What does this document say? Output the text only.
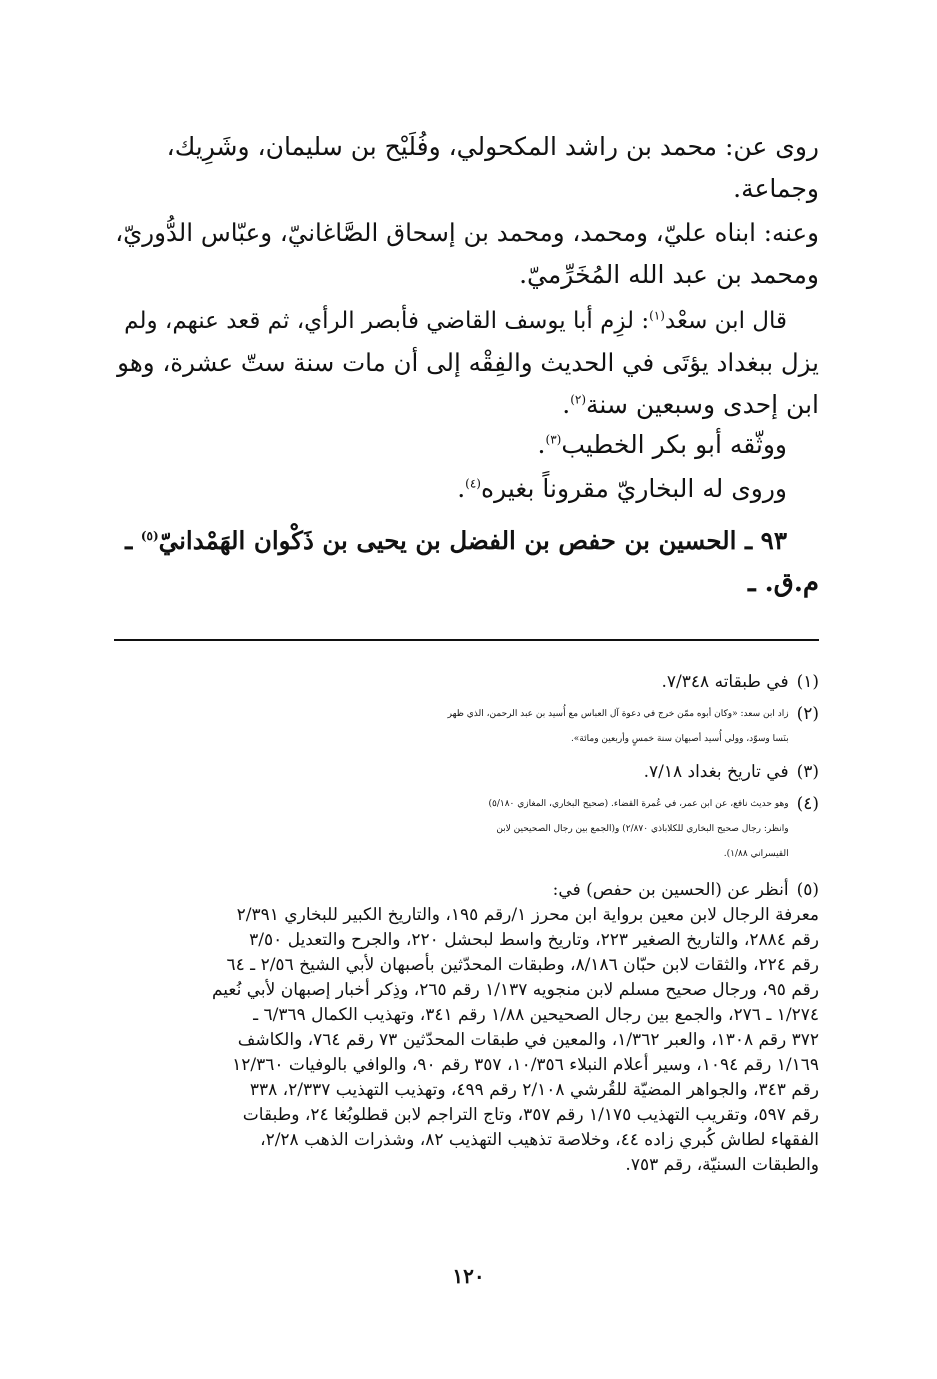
روى عن: محمد بن راشد المكحولي، وفُلَيْح بن سليمان، وشَرِيك،
وجماعة.
وعنه: ابناه عليّ، ومحمد، ومحمد بن إسحاق الصَّاغانيّ، وعبّاس الدُّوريّ،
ومحمد بن عبد الله المُخَرِّميّ.
قال ابن سعْد$^{(١)}$: لزِم أبا يوسف القاضي فأبصر الرأي، ثم قعد عنهم، ولم
يزل ببغداد يؤتَى في الحديث والفِقْه إلى أن مات سنة ستّ عشرة، وهو
ابن إحدى وسبعين سنة$^{(٢)}$.
ووثّقه أبو بكر الخطيب$^{(٣)}$.
وروى له البخاريّ مقروناً بغيره$^{(٤)}$.
٩٣ ـ الحسين بن حفص بن الفضل بن يحيى بن ذَكْوان الهَمْدانيّ$^{(٥)}$ ـ
م.ق. ـ
(١)
في طبقاته ٧/٣٤٨.
(٢)
زاد ابن سعد: «وكان أبوه ممّن خرج في دعوة آل العباس مع أُسيد بن عبد الرحمن، الذي ظهر
بنَسا وسوّد، وولي أُسيد أصبهان سنة خمسٍ وأربعين ومائة».
(٣)
في تاريخ بغداد ٧/١٨.
(٤)
وهو حديث نافع، عن ابن عمر، في عُمرة القضاء. (صحيح البخاري، المغازي ٥/١٨٠)
وانظر: رجال صحيح البخاري للكلاباذي ٢/٨٧٠) و(الجمع بين رجال الصحيحين لابن
القيسراني ١/٨٨).
(٥)
أنظر عن (الحسين بن حفص) في:
معرفة الرجال لابن معين برواية ابن محرز ١/رقم ١٩٥، والتاريخ الكبير للبخاري ٢/٣٩١
رقم ٢٨٨٤، والتاريخ الصغير ٢٢٣، وتاريخ واسط لبحشل ٢٢٠، والجرح والتعديل ٣/٥٠
رقم ٢٢٤، والثقات لابن حبّان ٨/١٨٦، وطبقات المحدّثين بأصبهان لأبي الشيخ ٢/٥٦ ـ ٦٤
رقم ٩٥، ورجال صحيح مسلم لابن منجويه ١/١٣٧ رقم ٢٦٥، وذِكر أخبار إصبهان لأبي نُعيم
١/٢٧٤ ـ ٢٧٦، والجمع بين رجال الصحيحين ١/٨٨ رقم ٣٤١، وتهذيب الكمال ٦/٣٦٩ ـ
٣٧٢ رقم ١٣٠٨، والعبر ١/٣٦٢، والمعين في طبقات المحدّثين ٧٣ رقم ٧٦٤، والكاشف
١/١٦٩ رقم ١٠٩٤، وسير أعلام النبلاء ١٠/٣٥٦، ٣٥٧ رقم ٩٠، والوافي بالوفيات ١٢/٣٦٠
رقم ٣٤٣، والجواهر المضيّة للقُرشي ٢/١٠٨ رقم ٤٩٩، وتهذيب التهذيب ٢/٣٣٧، ٣٣٨
رقم ٥٩٧، وتقريب التهذيب ١/١٧٥ رقم ٣٥٧، وتاج التراجم لابن قطلوبُغا ٢٤، وطبقات
الفقهاء لطاش كُبري زاده ٤٤، وخلاصة تذهيب التهذيب ٨٢، وشذرات الذهب ٢/٢٨،
والطبقات السنيّة، رقم ٧٥٣.
١٢٠
